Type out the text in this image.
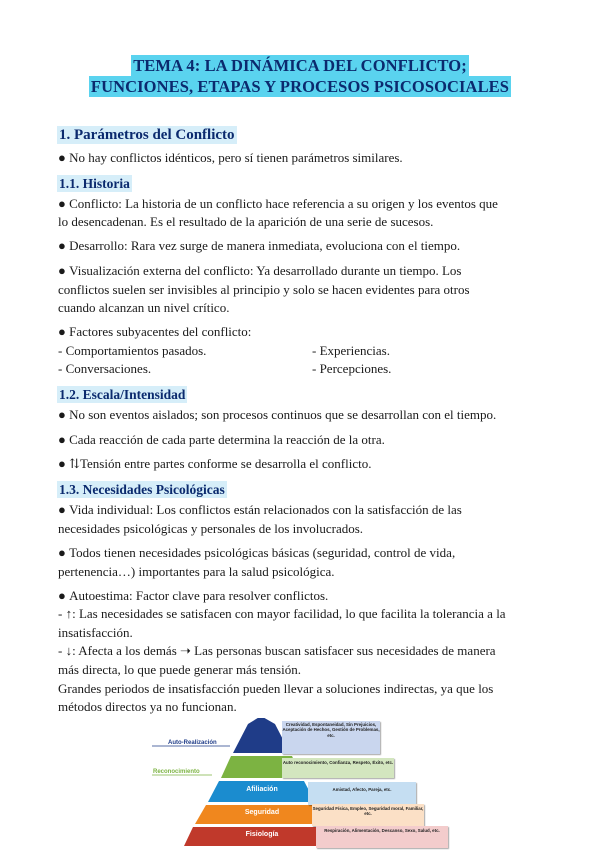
TEMA 4: LA DINÁMICA DEL CONFLICTO;
FUNCIONES, ETAPAS Y PROCESOS PSICOSOCIALES
1. Parámetros del Conflicto
● No hay conflictos idénticos, pero sí tienen parámetros similares.
1.1. Historia
● Conflicto: La historia de un conflicto hace referencia a su origen y los eventos que
lo desencadenan. Es el resultado de la aparición de una serie de sucesos.
● Desarrollo: Rara vez surge de manera inmediata, evoluciona con el tiempo.
● Visualización externa del conflicto: Ya desarrollado durante un tiempo. Los
conflictos suelen ser invisibles al principio y solo se hacen evidentes para otros
cuando alcanzan un nivel crítico.
● Factores subyacentes del conflicto:
- Comportamientos pasados.	- Experiencias.
- Conversaciones.	- Percepciones.
1.2. Escala/Intensidad
● No son eventos aislados; son procesos continuos que se desarrollan con el tiempo.
● Cada reacción de cada parte determina la reacción de la otra.
● ⇅Tensión entre partes conforme se desarrolla el conflicto.
1.3. Necesidades Psicológicas
● Vida individual: Los conflictos están relacionados con la satisfacción de las
necesidades psicológicas y personales de los involucrados.
● Todos tienen necesidades psicológicas básicas (seguridad, control de vida,
pertenencia…) importantes para la salud psicológica.
● Autoestima: Factor clave para resolver conflictos.
- ↑: Las necesidades se satisfacen con mayor facilidad, lo que facilita la tolerancia a la
insatisfacción.
- ↓: Afecta a los demás ➝ Las personas buscan satisfacer sus necesidades de manera
más directa, lo que puede generar más tensión.
Grandes periodos de insatisfacción pueden llevar a soluciones indirectas, ya que los
métodos directos ya no funcionan.
Auto-Realización
Reconocimiento
Afiliación
Seguridad
Fisiología
Creatividad, Espontaneidad, Sin Prejuicios, Aceptación de Hechos, Gestión de Problemas, etc.
Auto reconocimiento, Confianza, Respeto, Éxito, etc.
Amistad, Afecto, Pareja, etc.
Seguridad Física, Empleo, Seguridad moral, Familiar, etc.
Respiración, Alimentación, Descanso, Sexo, Salud, etc.
